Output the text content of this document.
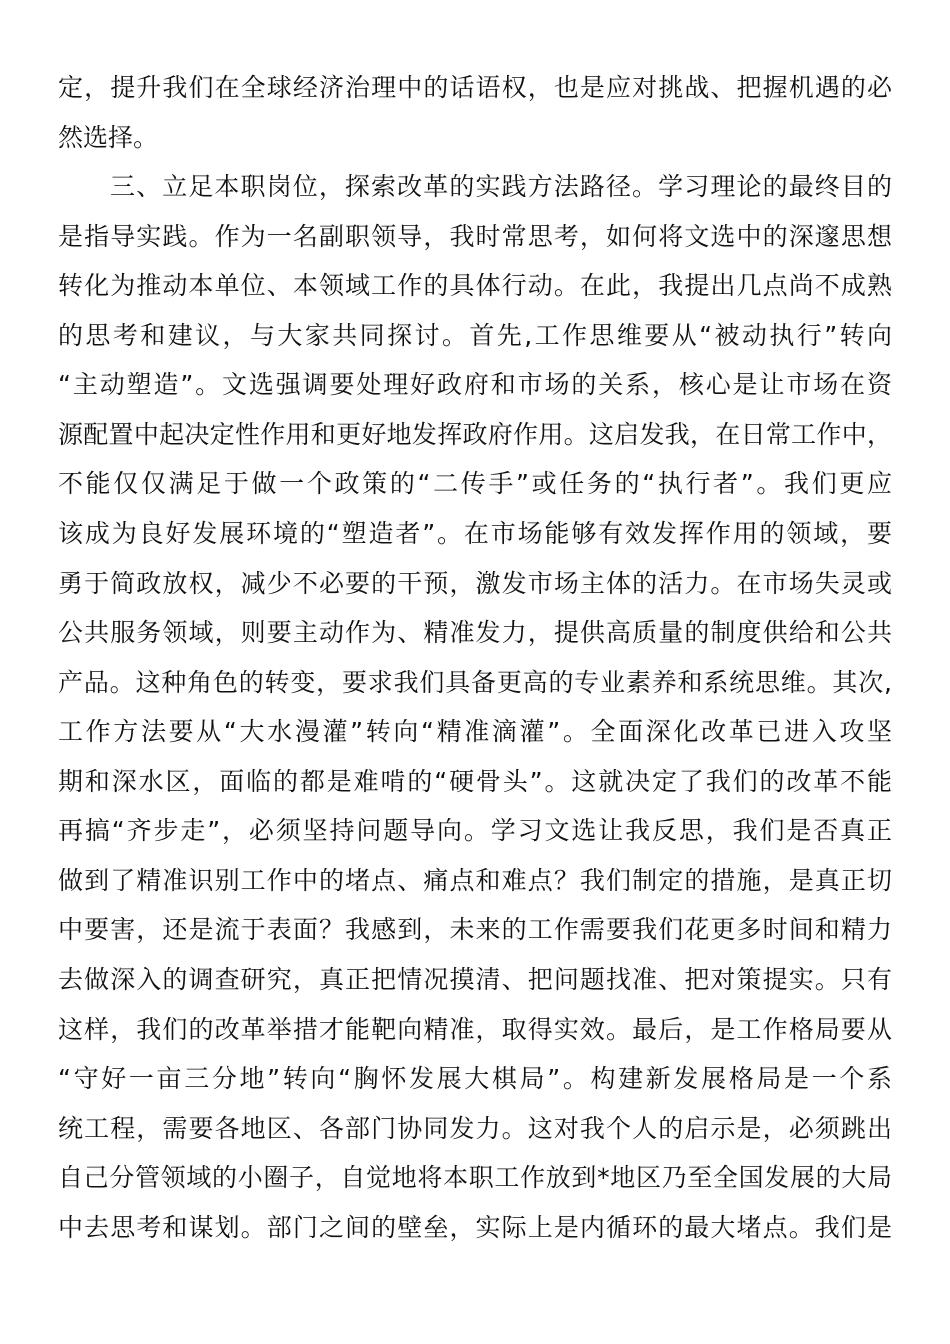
定，提升我们在全球经济治理中的话语权，也是应对挑战、把握机遇的必
然选择。
三、立足本职岗位，探索改革的实践方法路径。学习理论的最终目的
是指导实践。作为一名副职领导，我时常思考，如何将文选中的深邃思想
转化为推动本单位、本领域工作的具体行动。在此，我提出几点尚不成熟
的思考和建议，与大家共同探讨。首先,工作思维要从“被动执行”转向
“主动塑造”。文选强调要处理好政府和市场的关系，核心是让市场在资
源配置中起决定性作用和更好地发挥政府作用。这启发我，在日常工作中，
不能仅仅满足于做一个政策的“二传手”或任务的“执行者”。我们更应
该成为良好发展环境的“塑造者”。在市场能够有效发挥作用的领域，要
勇于简政放权，减少不必要的干预，激发市场主体的活力。在市场失灵或
公共服务领域，则要主动作为、精准发力，提供高质量的制度供给和公共
产品。这种角色的转变，要求我们具备更高的专业素养和系统思维。其次,
工作方法要从“大水漫灌”转向“精准滴灌”。全面深化改革已进入攻坚
期和深水区，面临的都是难啃的“硬骨头”。这就决定了我们的改革不能
再搞“齐步走”，必须坚持问题导向。学习文选让我反思，我们是否真正
做到了精准识别工作中的堵点、痛点和难点？我们制定的措施，是真正切
中要害，还是流于表面？我感到，未来的工作需要我们花更多时间和精力
去做深入的调查研究，真正把情况摸清、把问题找准、把对策提实。只有
这样，我们的改革举措才能靶向精准，取得实效。最后，是工作格局要从
“守好一亩三分地”转向“胸怀发展大棋局”。构建新发展格局是一个系
统工程，需要各地区、各部门协同发力。这对我个人的启示是，必须跳出
自己分管领域的小圈子，自觉地将本职工作放到*地区乃至全国发展的大局
中去思考和谋划。部门之间的壁垒，实际上是内循环的最大堵点。我们是
